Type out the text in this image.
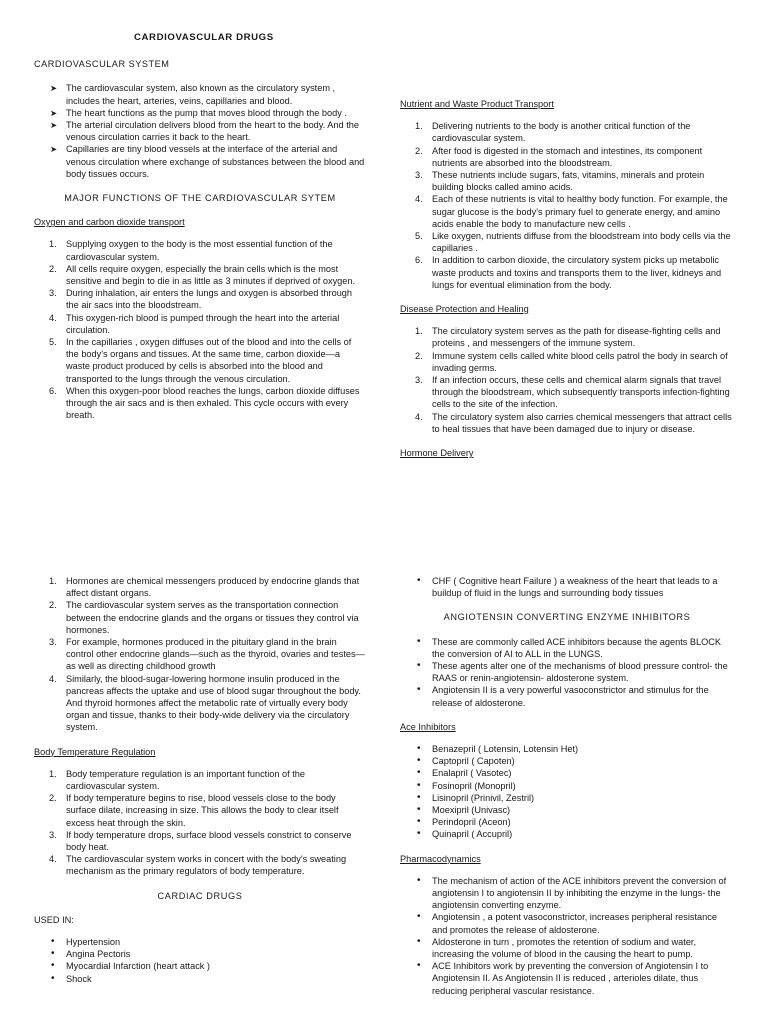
CARDIOVASCULAR DRUGS
CARDIOVASCULAR SYSTEM
➤ The cardiovascular system, also known as the circulatory system , includes the heart, arteries, veins, capillaries and blood.
➤ The heart functions as the pump that moves blood through the body .
➤ The arterial circulation delivers blood from the heart to the body. And the venous circulation carries it back to the heart.
➤ Capillaries are tiny blood vessels at the interface of the arterial and venous circulation where exchange of substances between the blood and body tissues occurs.
MAJOR FUNCTIONS OF THE CARDIOVASCULAR SYTEM
Oxygen and carbon dioxide transport
1. Supplying oxygen to the body is the most essential function of the cardiovascular system.
2. All cells require oxygen, especially the brain cells which is the most sensitive and begin to die in as little as 3 minutes if deprived of oxygen.
3. During inhalation, air enters the lungs and oxygen is absorbed through the air sacs into the bloodstream.
4. This oxygen-rich blood is pumped through the heart into the arterial circulation.
5. In the capillaries , oxygen diffuses out of the blood and into the cells of the body's organs and tissues. At the same time, carbon dioxide—a waste product produced by cells is absorbed into the blood and transported to the lungs through the venous circulation.
6. When this oxygen-poor blood reaches the lungs, carbon dioxide diffuses through the air sacs and is then exhaled. This cycle occurs with every breath.
Nutrient and Waste Product Transport
1. Delivering nutrients to the body is another critical function of the cardiovascular system.
2. After food is digested in the stomach and intestines, its component nutrients are absorbed into the bloodstream.
3. These nutrients include sugars, fats, vitamins, minerals and protein building blocks called amino acids.
4. Each of these nutrients is vital to healthy body function. For example, the sugar glucose is the body's primary fuel to generate energy, and amino acids enable the body to manufacture new cells .
5. Like oxygen, nutrients diffuse from the bloodstream into body cells via the capillaries .
6. In addition to carbon dioxide, the circulatory system picks up metabolic waste products and toxins and transports them to the liver, kidneys and lungs for eventual elimination from the body.
Disease Protection and Healing
1. The circulatory system serves as the path for disease-fighting cells and proteins , and messengers of the immune system.
2. Immune system cells called white blood cells patrol the body in search of invading germs.
3. If an infection occurs, these cells and chemical alarm signals that travel through the bloodstream, which subsequently transports infection-fighting cells to the site of the infection.
4. The circulatory system also carries chemical messengers that attract cells to heal tissues that have been damaged due to injury or disease.
Hormone Delivery
1. Hormones are chemical messengers produced by endocrine glands that affect distant organs.
2. The cardiovascular system serves as the transportation connection between the endocrine glands and the organs or tissues they control via hormones.
3. For example, hormones produced in the pituitary gland in the brain control other endocrine glands—such as the thyroid, ovaries and testes—as well as directing childhood growth
4. Similarly, the blood-sugar-lowering hormone insulin produced in the pancreas affects the uptake and use of blood sugar throughout the body. And thyroid hormones affect the metabolic rate of virtually every body organ and tissue, thanks to their body-wide delivery via the circulatory system.
Body Temperature Regulation
1. Body temperature regulation is an important function of the cardiovascular system.
2. If body temperature begins to rise, blood vessels close to the body surface dilate, increasing in size. This allows the body to clear itself excess heat through the skin.
3. If body temperature drops, surface blood vessels constrict to conserve body heat.
4. The cardiovascular system works in concert with the body's sweating mechanism as the primary regulators of body temperature.
CARDIAC DRUGS
USED IN:
• Hypertension
• Angina Pectoris
• Myocardial Infarction (heart attack )
• Shock
• CHF ( Cognitive heart Failure ) a weakness of the heart that leads to a buildup of fluid in the lungs and surrounding body tissues
ANGIOTENSIN CONVERTING ENZYME INHIBITORS
• These are commonly called ACE inhibitors because the agents BLOCK the conversion of AI to ALL in the LUNGS.
• These agents alter one of the mechanisms of blood pressure control- the RAAS or renin-angiotensin- aldosterone system.
• Angiotensin II is a very powerful vasoconstrictor and stimulus for the release of aldosterone.
Ace Inhibitors
• Benazepril ( Lotensin, Lotensin Het)
• Captopril ( Capoten)
• Enalapril ( Vasotec)
• Fosinopril (Monopril)
• Lisinopril (Prinivil, Zestril)
• Moexipril (Univasc)
• Perindopril (Aceon)
• Quinapril ( Accupril)
Pharmacodynamics
• The mechanism of action of the ACE inhibitors prevent the conversion of angiotensin I to angiotensin II by inhibiting the enzyme in the lungs- the angiotensin converting enzyme.
• Angiotensin , a potent vasoconstrictor, increases peripheral resistance and promotes the release of aldosterone.
• Aldosterone in turn , promotes the retention of sodium and water, increasing the volume of blood in the causing the heart to pump.
• ACE Inhibitors work by preventing the conversion of Angiotensin I to Angiotensin II. As Angiotensin II is reduced , arterioles dilate, thus reducing peripheral vascular resistance.
